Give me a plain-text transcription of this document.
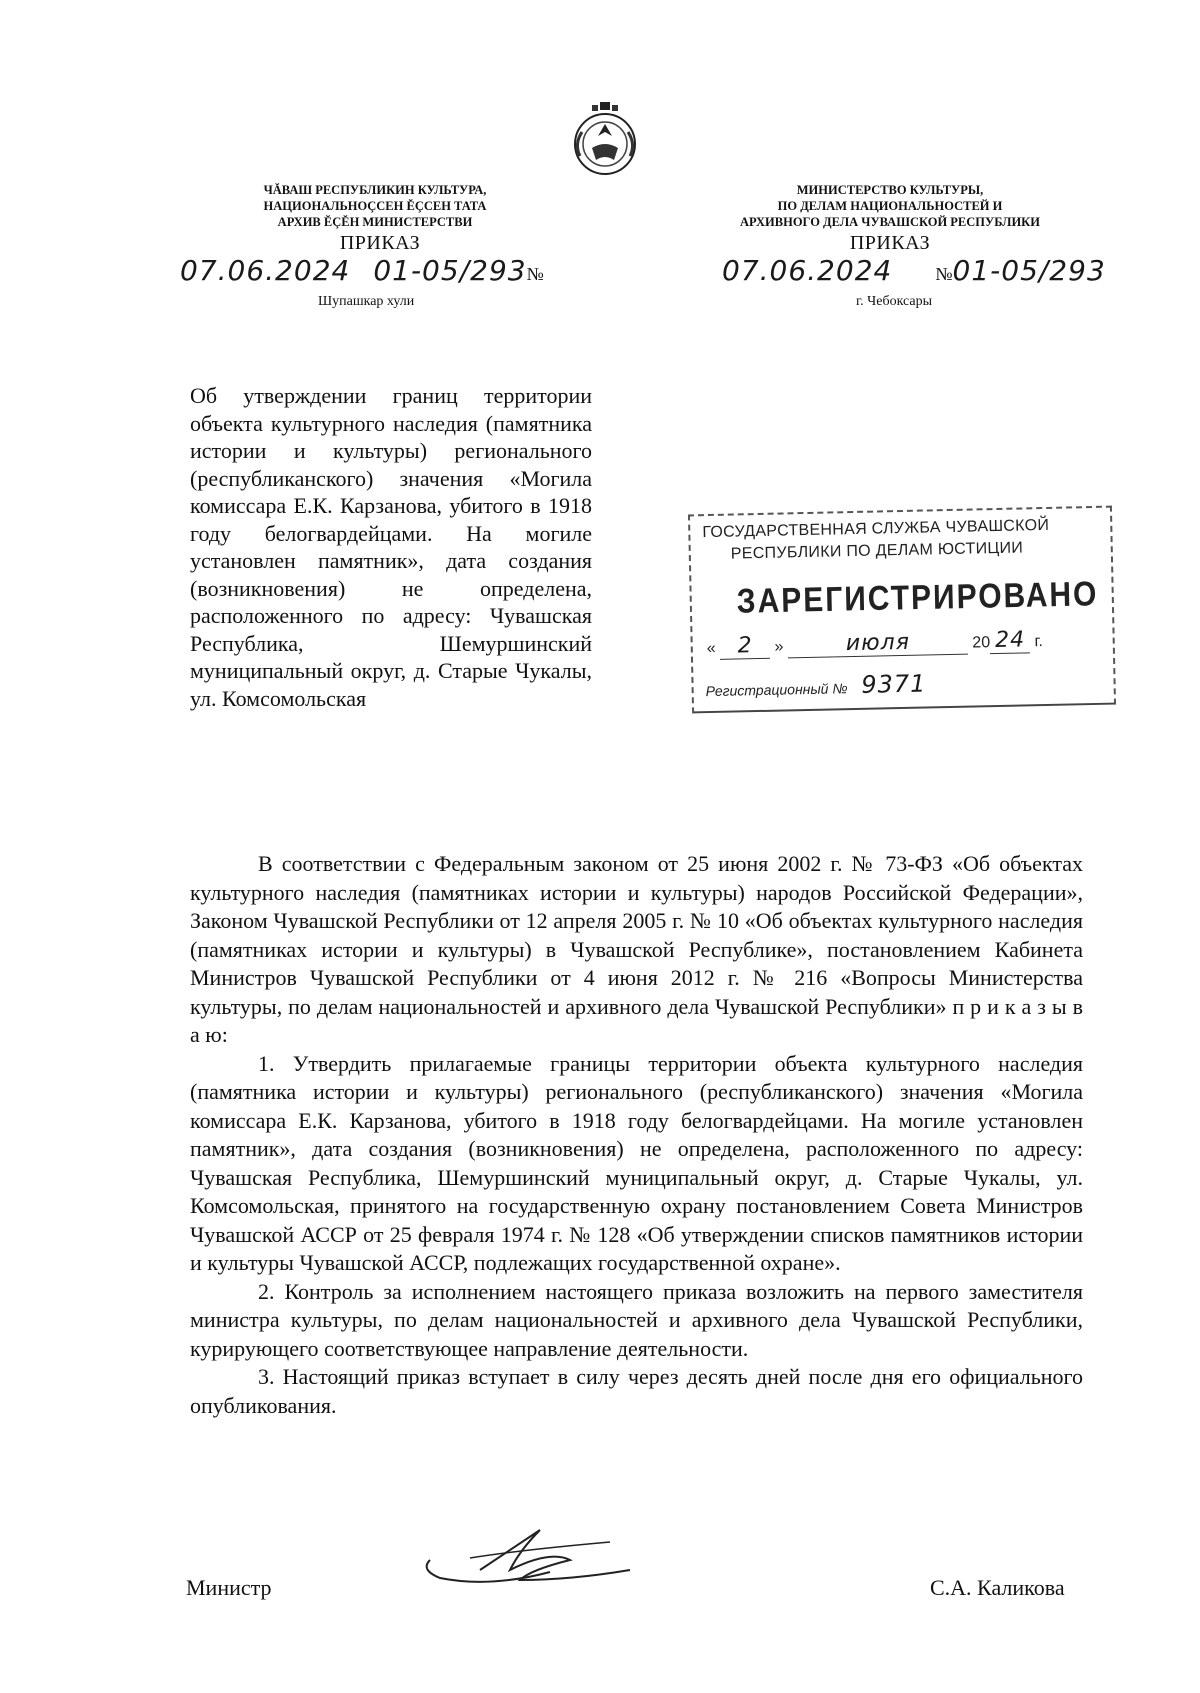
ЧĂВАШ РЕСПУБЛИКИН КУЛЬТУРА,
НАЦИОНАЛЬНОÇСЕН ĔÇСЕН ТАТА
АРХИВ ĔÇĔН МИНИСТЕРСТВИ
ПРИКАЗ
07.06.2024 01-05/293№
Шупашкар хули
МИНИСТЕРСТВО КУЛЬТУРЫ,
ПО ДЕЛАМ НАЦИОНАЛЬНОСТЕЙ И
АРХИВНОГО ДЕЛА ЧУВАШСКОЙ РЕСПУБЛИКИ
ПРИКАЗ
07.06.2024 №01-05/293
г. Чебоксары
Об утверждении границ территории объекта культурного наследия (памятника истории и культуры) регионального (республиканского) значения «Могила комиссара Е.К. Карзанова, убитого в 1918 году белогвардейцами. На могиле установлен памятник», дата создания (возникновения) не определена, расположенного по адресу: Чувашская Республика, Шемуршинский муниципальный округ, д. Старые Чукалы, ул. Комсомольская
ГОСУДАРСТВЕННАЯ СЛУЖБА ЧУВАШСКОЙ
РЕСПУБЛИКИ ПО ДЕЛАМ ЮСТИЦИИ
ЗАРЕГИСТРИРОВАНО
« 2 »	июля	20 24 г.
Регистрационный № 9371

В соответствии с Федеральным законом от 25 июня 2002 г. № 73-ФЗ «Об объектах культурного наследия (памятниках истории и культуры) народов Российской Федерации», Законом Чувашской Республики от 12 апреля 2005 г. № 10 «Об объектах культурного наследия (памятниках истории и культуры) в Чувашской Республике», постановлением Кабинета Министров Чувашской Республики от 4 июня 2012 г. № 216 «Вопросы Министерства культуры, по делам национальностей и архивного дела Чувашской Республики» п р и к а з ы в а ю:

1. Утвердить прилагаемые границы территории объекта культурного наследия (памятника истории и культуры) регионального (республиканского) значения «Могила комиссара Е.К. Карзанова, убитого в 1918 году белогвардейцами. На могиле установлен памятник», дата создания (возникновения) не определена, расположенного по адресу: Чувашская Республика, Шемуршинский муниципальный округ, д. Старые Чукалы, ул. Комсомольская, принятого на государственную охрану постановлением Совета Министров Чувашской АССР от 25 февраля 1974 г. № 128 «Об утверждении списков памятников истории и культуры Чувашской АССР, подлежащих государственной охране».

2. Контроль за исполнением настоящего приказа возложить на первого заместителя министра культуры, по делам национальностей и архивного дела Чувашской Республики, курирующего соответствующее направление деятельности.

3. Настоящий приказ вступает в силу через десять дней после дня его официального опубликования.

Министр	С.А. Каликова
